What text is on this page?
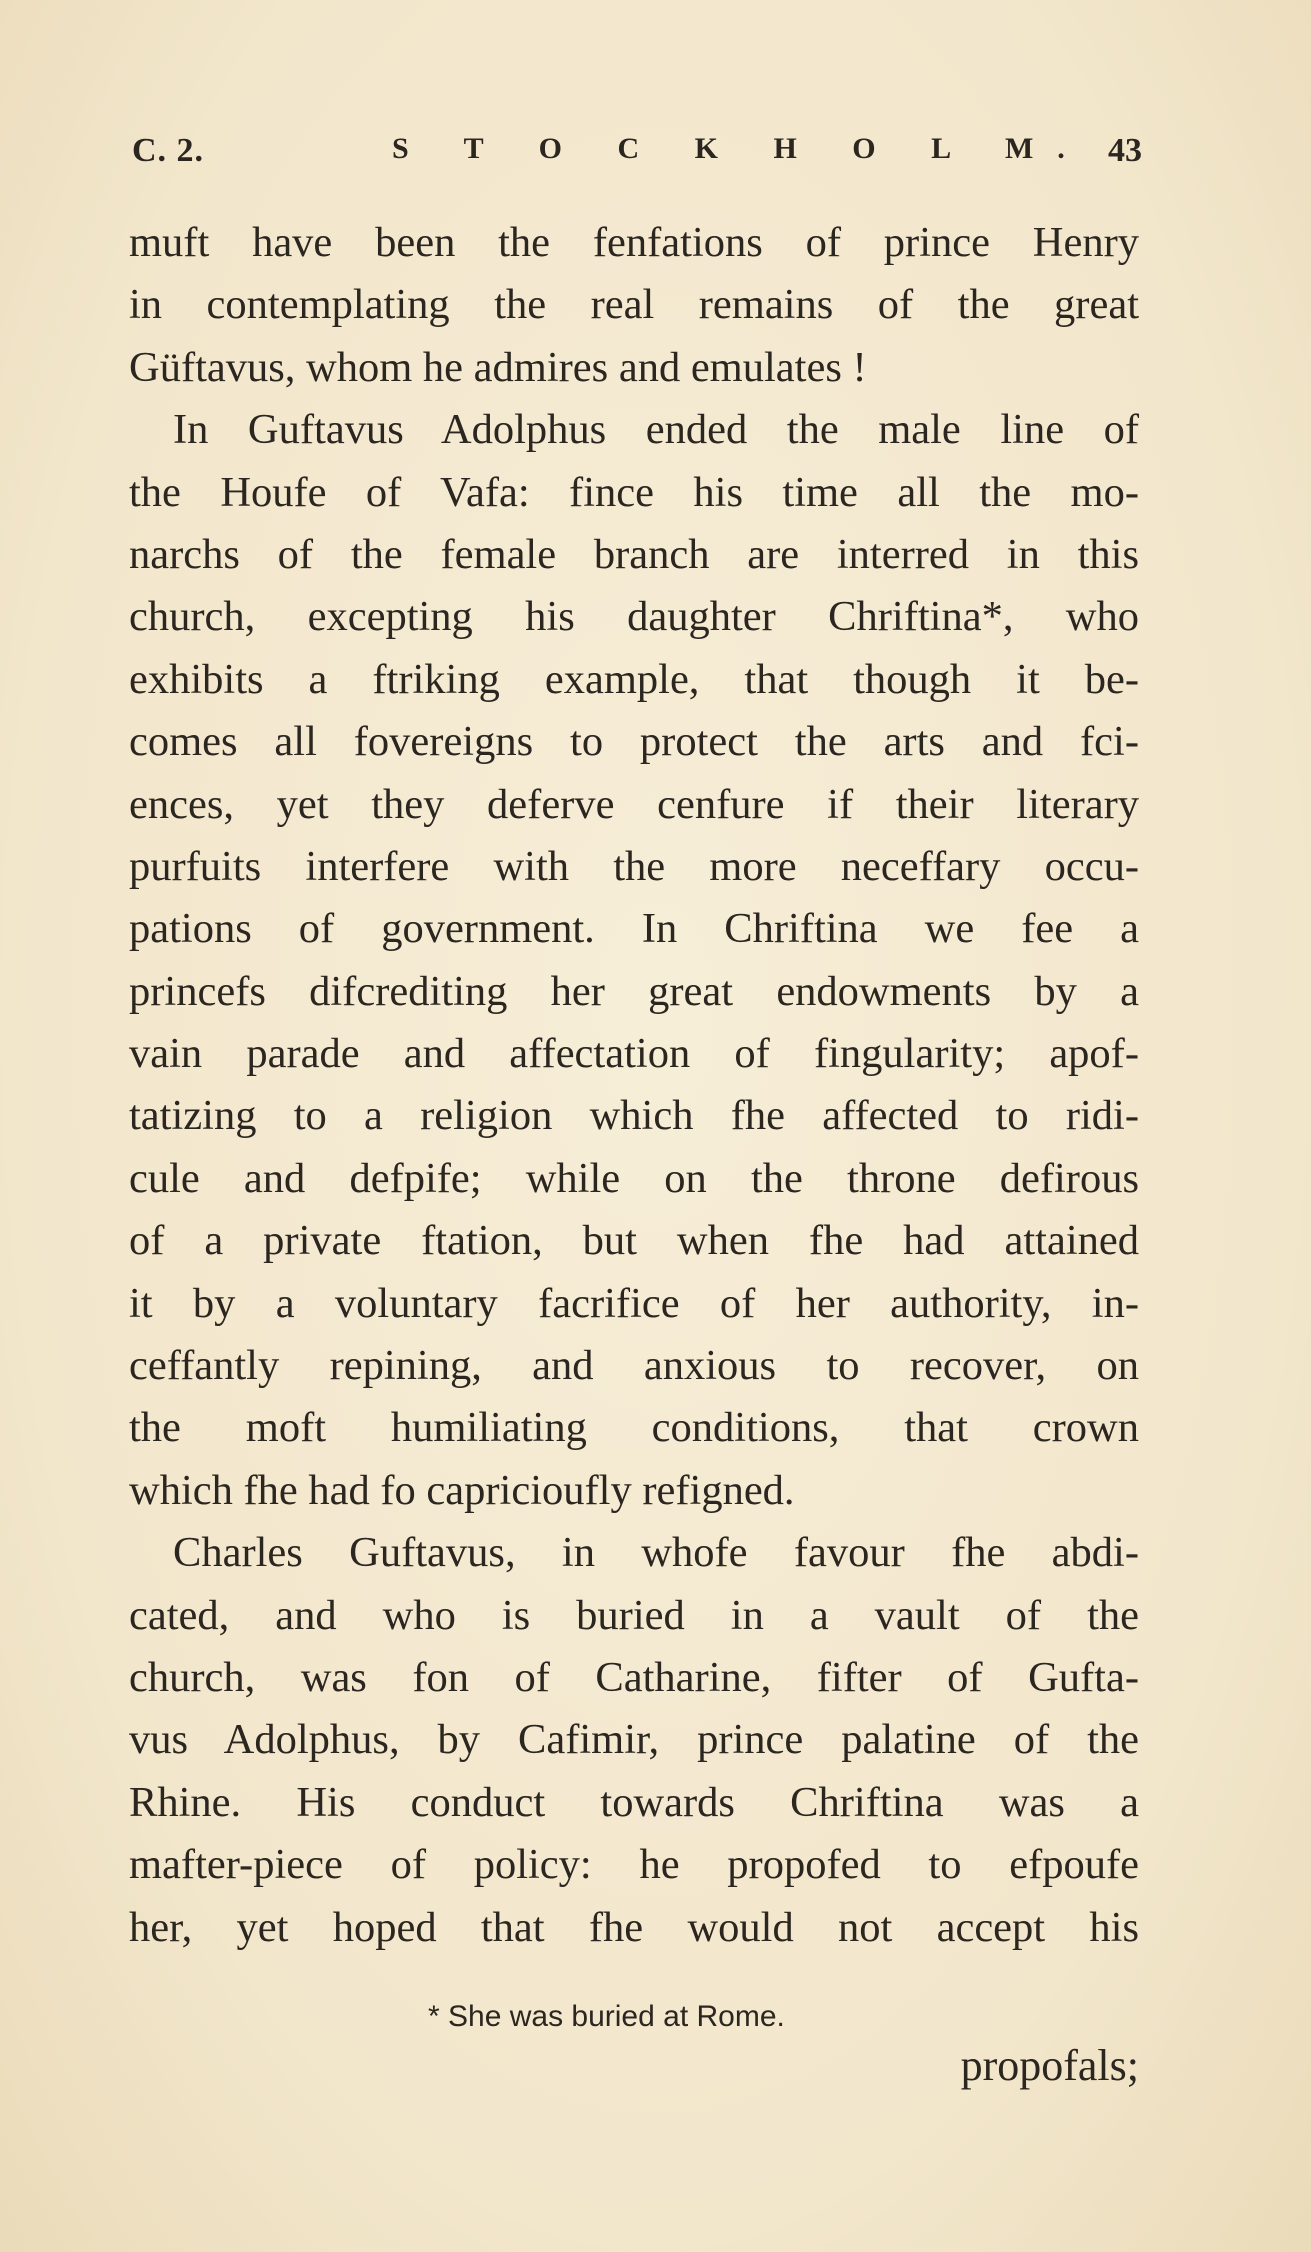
C. 2.	S T O C K H O L M. 43
muft have been the fenfations of prince Henry
in contemplating the real remains of the great
Güftavus, whom he admires and emulates !
In Guftavus Adolphus ended the male line of
the Houfe of Vafa: fince his time all the mo-
narchs of the female branch are interred in this
church, excepting his daughter Chriftina*, who
exhibits a ftriking example, that though it be-
comes all fovereigns to protect the arts and fci-
ences, yet they deferve cenfure if their literary
purfuits interfere with the more neceffary occu-
pations of government. In Chriftina we fee a
princefs difcrediting her great endowments by a
vain parade and affectation of fingularity; apof-
tatizing to a religion which fhe affected to ridi-
cule and defpife; while on the throne defirous
of a private ftation, but when fhe had attained
it by a voluntary facrifice of her authority, in-
ceffantly repining, and anxious to recover, on
the moft humiliating conditions, that crown
which fhe had fo capricioufly refigned.
Charles Guftavus, in whofe favour fhe abdi-
cated, and who is buried in a vault of the
church, was fon of Catharine, fifter of Gufta-
vus Adolphus, by Cafimir, prince palatine of the
Rhine. His conduct towards Chriftina was a
mafter-piece of policy: he propofed to efpoufe
her, yet hoped that fhe would not accept his
* She was buried at Rome.
propofals;
